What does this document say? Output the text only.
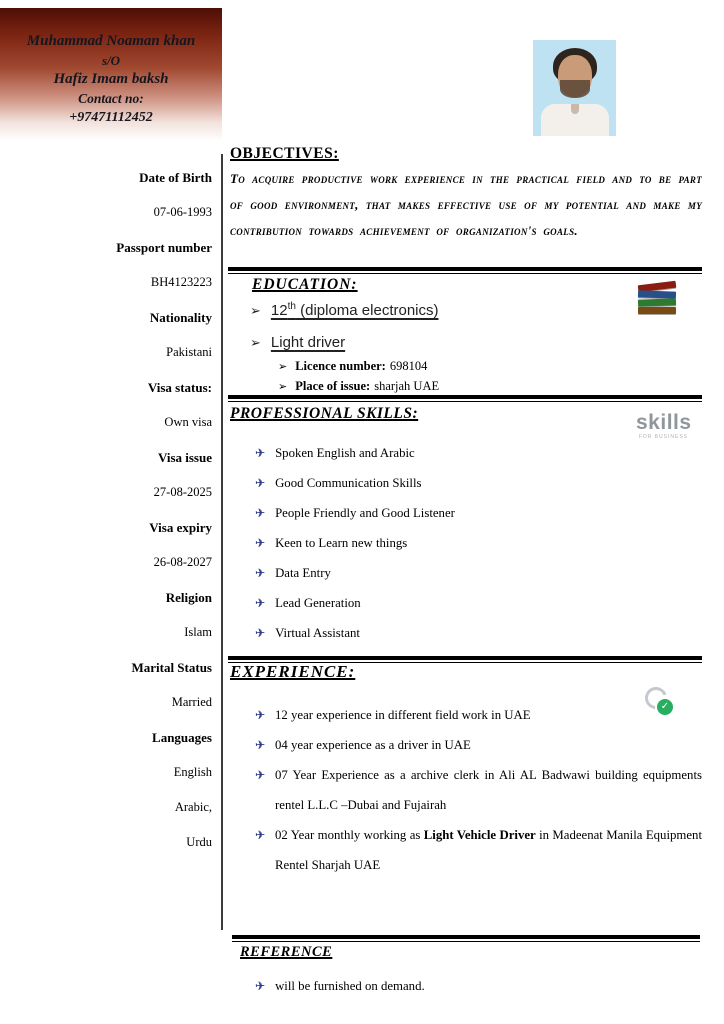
Muhammad Noaman khan
s/O
Hafiz Imam baksh
Contact no:
+97471112452
Date of Birth
07-06-1993
Passport number
BH4123223
Nationality
Pakistani
Visa status:
Own visa
Visa issue
27-08-2025
Visa expiry
26-08-2027
Religion
Islam
Marital Status
Married
Languages
English
Arabic,
Urdu
OBJECTIVES:
To acquire productive work experience in the practical field and to be part of good environment, that makes effective use of my potential and make my contribution towards achievement of organization's goals.
EDUCATION:
➢ 12th (diploma electronics)
➢ Light driver
➢ Licence number: 698104
➢ Place of issue: sharjah UAE
PROFESSIONAL SKILLS:	skills
FOR BUSINESS
✈ Spoken English and Arabic
✈ Good Communication Skills
✈ People Friendly and Good Listener
✈ Keen to Learn new things
✈ Data Entry
✈ Lead Generation
✈ Virtual Assistant
EXPERIENCE:
✓
✈ 12 year experience in different field work in UAE
✈ 04 year experience as a driver in UAE
✈ 07 Year Experience as a archive clerk in Ali AL Badwawi building equipments rentel L.L.C –Dubai and Fujairah
✈ 02 Year monthly working as Light Vehicle Driver in Madeenat Manila Equipment Rentel Sharjah UAE
REFERENCE
✈ will be furnished on demand.
